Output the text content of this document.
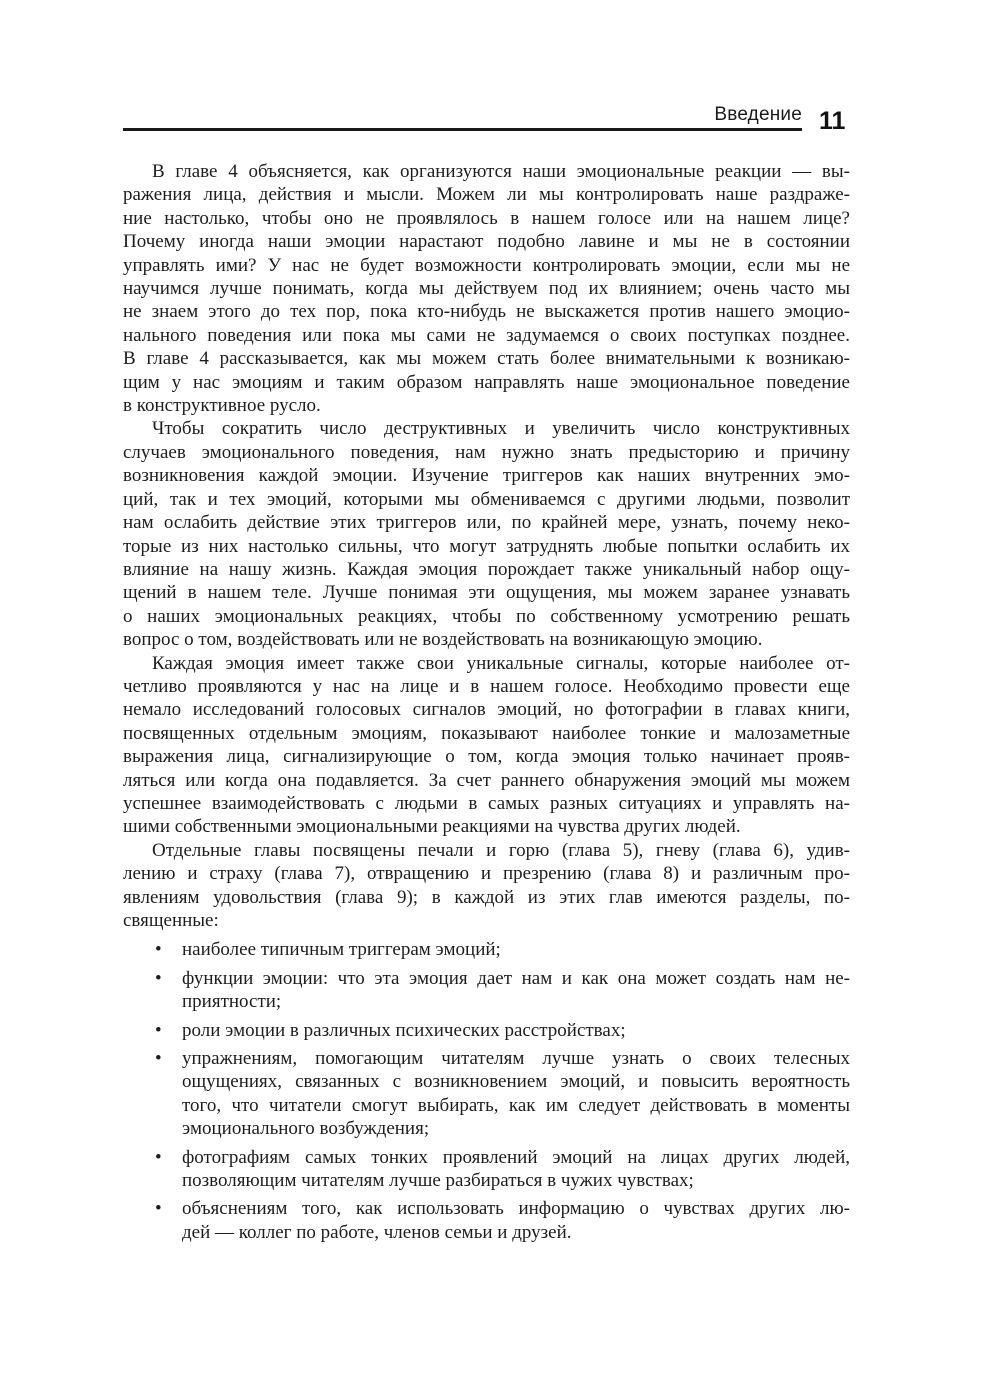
Введение 11
В главе 4 объясняется, как организуются наши эмоциональные реакции — вы-
ражения лица, действия и мысли. Можем ли мы контролировать наше раздраже-
ние настолько, чтобы оно не проявлялось в нашем голосе или на нашем лице?
Почему иногда наши эмоции нарастают подобно лавине и мы не в состоянии
управлять ими? У нас не будет возможности контролировать эмоции, если мы не
научимся лучше понимать, когда мы действуем под их влиянием; очень часто мы
не знаем этого до тех пор, пока кто-нибудь не выскажется против нашего эмоцио-
нального поведения или пока мы сами не задумаемся о своих поступках позднее.
В главе 4 рассказывается, как мы можем стать более внимательными к возникаю-
щим у нас эмоциям и таким образом направлять наше эмоциональное поведение
в конструктивное русло.
Чтобы сократить число деструктивных и увеличить число конструктивных
случаев эмоционального поведения, нам нужно знать предысторию и причину
возникновения каждой эмоции. Изучение триггеров как наших внутренних эмо-
ций, так и тех эмоций, которыми мы обмениваемся с другими людьми, позволит
нам ослабить действие этих триггеров или, по крайней мере, узнать, почему неко-
торые из них настолько сильны, что могут затруднять любые попытки ослабить их
влияние на нашу жизнь. Каждая эмоция порождает также уникальный набор ощу-
щений в нашем теле. Лучше понимая эти ощущения, мы можем заранее узнавать
о наших эмоциональных реакциях, чтобы по собственному усмотрению решать
вопрос о том, воздействовать или не воздействовать на возникающую эмоцию.
Каждая эмоция имеет также свои уникальные сигналы, которые наиболее от-
четливо проявляются у нас на лице и в нашем голосе. Необходимо провести еще
немало исследований голосовых сигналов эмоций, но фотографии в главах книги,
посвященных отдельным эмоциям, показывают наиболее тонкие и малозаметные
выражения лица, сигнализирующие о том, когда эмоция только начинает прояв-
ляться или когда она подавляется. За счет раннего обнаружения эмоций мы можем
успешнее взаимодействовать с людьми в самых разных ситуациях и управлять на-
шими собственными эмоциональными реакциями на чувства других людей.
Отдельные главы посвящены печали и горю (глава 5), гневу (глава 6), удив-
лению и страху (глава 7), отвращению и презрению (глава 8) и различным про-
явлениям удовольствия (глава 9); в каждой из этих глав имеются разделы, по-
священные:
• наиболее типичным триггерам эмоций;
• функции эмоции: что эта эмоция дает нам и как она может создать нам не-
приятности;
• роли эмоции в различных психических расстройствах;
• упражнениям, помогающим читателям лучше узнать о своих телесных
ощущениях, связанных с возникновением эмоций, и повысить вероятность
того, что читатели смогут выбирать, как им следует действовать в моменты
эмоционального возбуждения;
• фотографиям самых тонких проявлений эмоций на лицах других людей,
позволяющим читателям лучше разбираться в чужих чувствах;
• объяснениям того, как использовать информацию о чувствах других лю-
дей — коллег по работе, членов семьи и друзей.
